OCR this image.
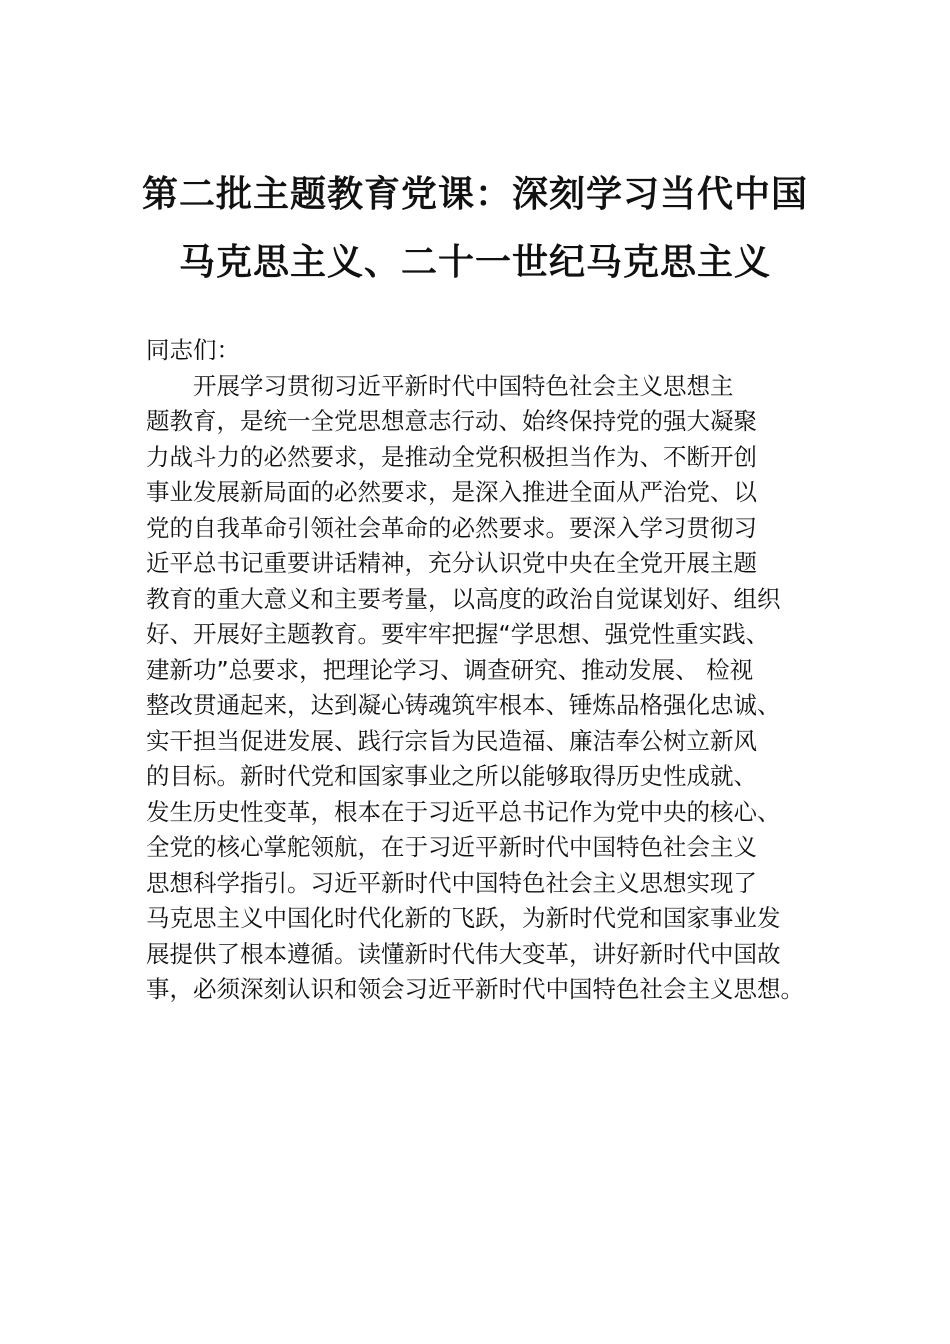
第二批主题教育党课：深刻学习当代中国
马克思主义、二十一世纪马克思主义
同志们：
开展学习贯彻习近平新时代中国特色社会主义思想主
题教育，是统一全党思想意志行动、始终保持党的强大凝聚
力战斗力的必然要求，是推动全党积极担当作为、不断开创
事业发展新局面的必然要求，是深入推进全面从严治党、以
党的自我革命引领社会革命的必然要求。要深入学习贯彻习
近平总书记重要讲话精神，充分认识党中央在全党开展主题
教育的重大意义和主要考量，以高度的政治自觉谋划好、组织
好、开展好主题教育。要牢牢把握“学思想、强党性重实践、
建新功”总要求，把理论学习、调查研究、推动发展、 检视
整改贯通起来，达到凝心铸魂筑牢根本、锤炼品格强化忠诚、
实干担当促进发展、践行宗旨为民造福、廉洁奉公树立新风
的目标。新时代党和国家事业之所以能够取得历史性成就、
发生历史性变革，根本在于习近平总书记作为党中央的核心、
全党的核心掌舵领航，在于习近平新时代中国特色社会主义
思想科学指引。习近平新时代中国特色社会主义思想实现了
马克思主义中国化时代化新的飞跃，为新时代党和国家事业发
展提供了根本遵循。读懂新时代伟大变革，讲好新时代中国故
事，必须深刻认识和领会习近平新时代中国特色社会主义思想。
